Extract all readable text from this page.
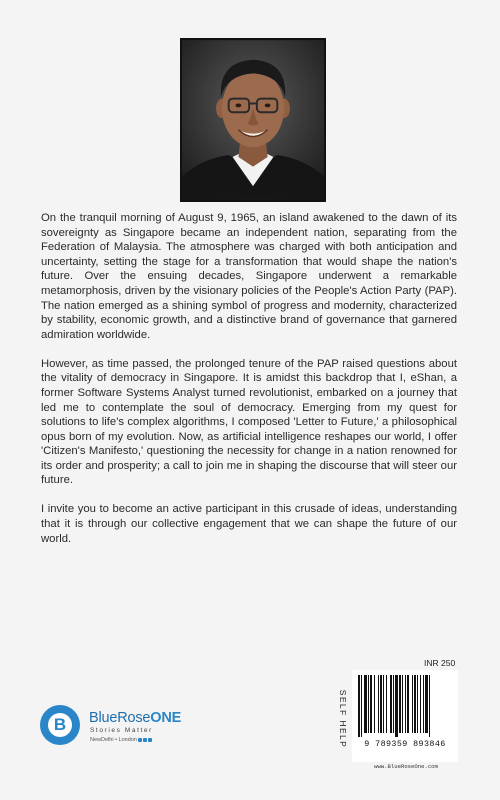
On the tranquil morning of August 9, 1965, an island awakened to the dawn of its sovereignty as Singapore became an independent nation, separating from the Federation of Malaysia. The atmosphere was charged with both anticipation and uncertainty, setting the stage for a transformation that would shape the nation's future. Over the ensuing decades, Singapore underwent a remarkable metamorphosis, driven by the visionary policies of the People's Action Party (PAP). The nation emerged as a shining symbol of progress and modernity, characterized by stability, economic growth, and a distinctive brand of governance that garnered admiration worldwide.

However, as time passed, the prolonged tenure of the PAP raised questions about the vitality of democracy in Singapore. It is amidst this backdrop that I, eShan, a former Software Systems Analyst turned revolutionist, embarked on a journey that led me to contemplate the soul of democracy. Emerging from my quest for solutions to life's complex algorithms, I composed 'Letter to Future,' a philosophical opus born of my evolution. Now, as artificial intelligence reshapes our world, I offer 'Citizen's Manifesto,' questioning the necessity for change in a nation renowned for its order and prosperity; a call to join me in shaping the discourse that will steer our future.

I invite you to become an active participant in this crusade of ideas, understanding that it is through our collective engagement that we can shape the future of our world.

B	BlueRoseONE
Stories Matter
NewDelhi • London
INR 250
SELF HELP	9 789359 893846
www.BlueRoseOne.com
